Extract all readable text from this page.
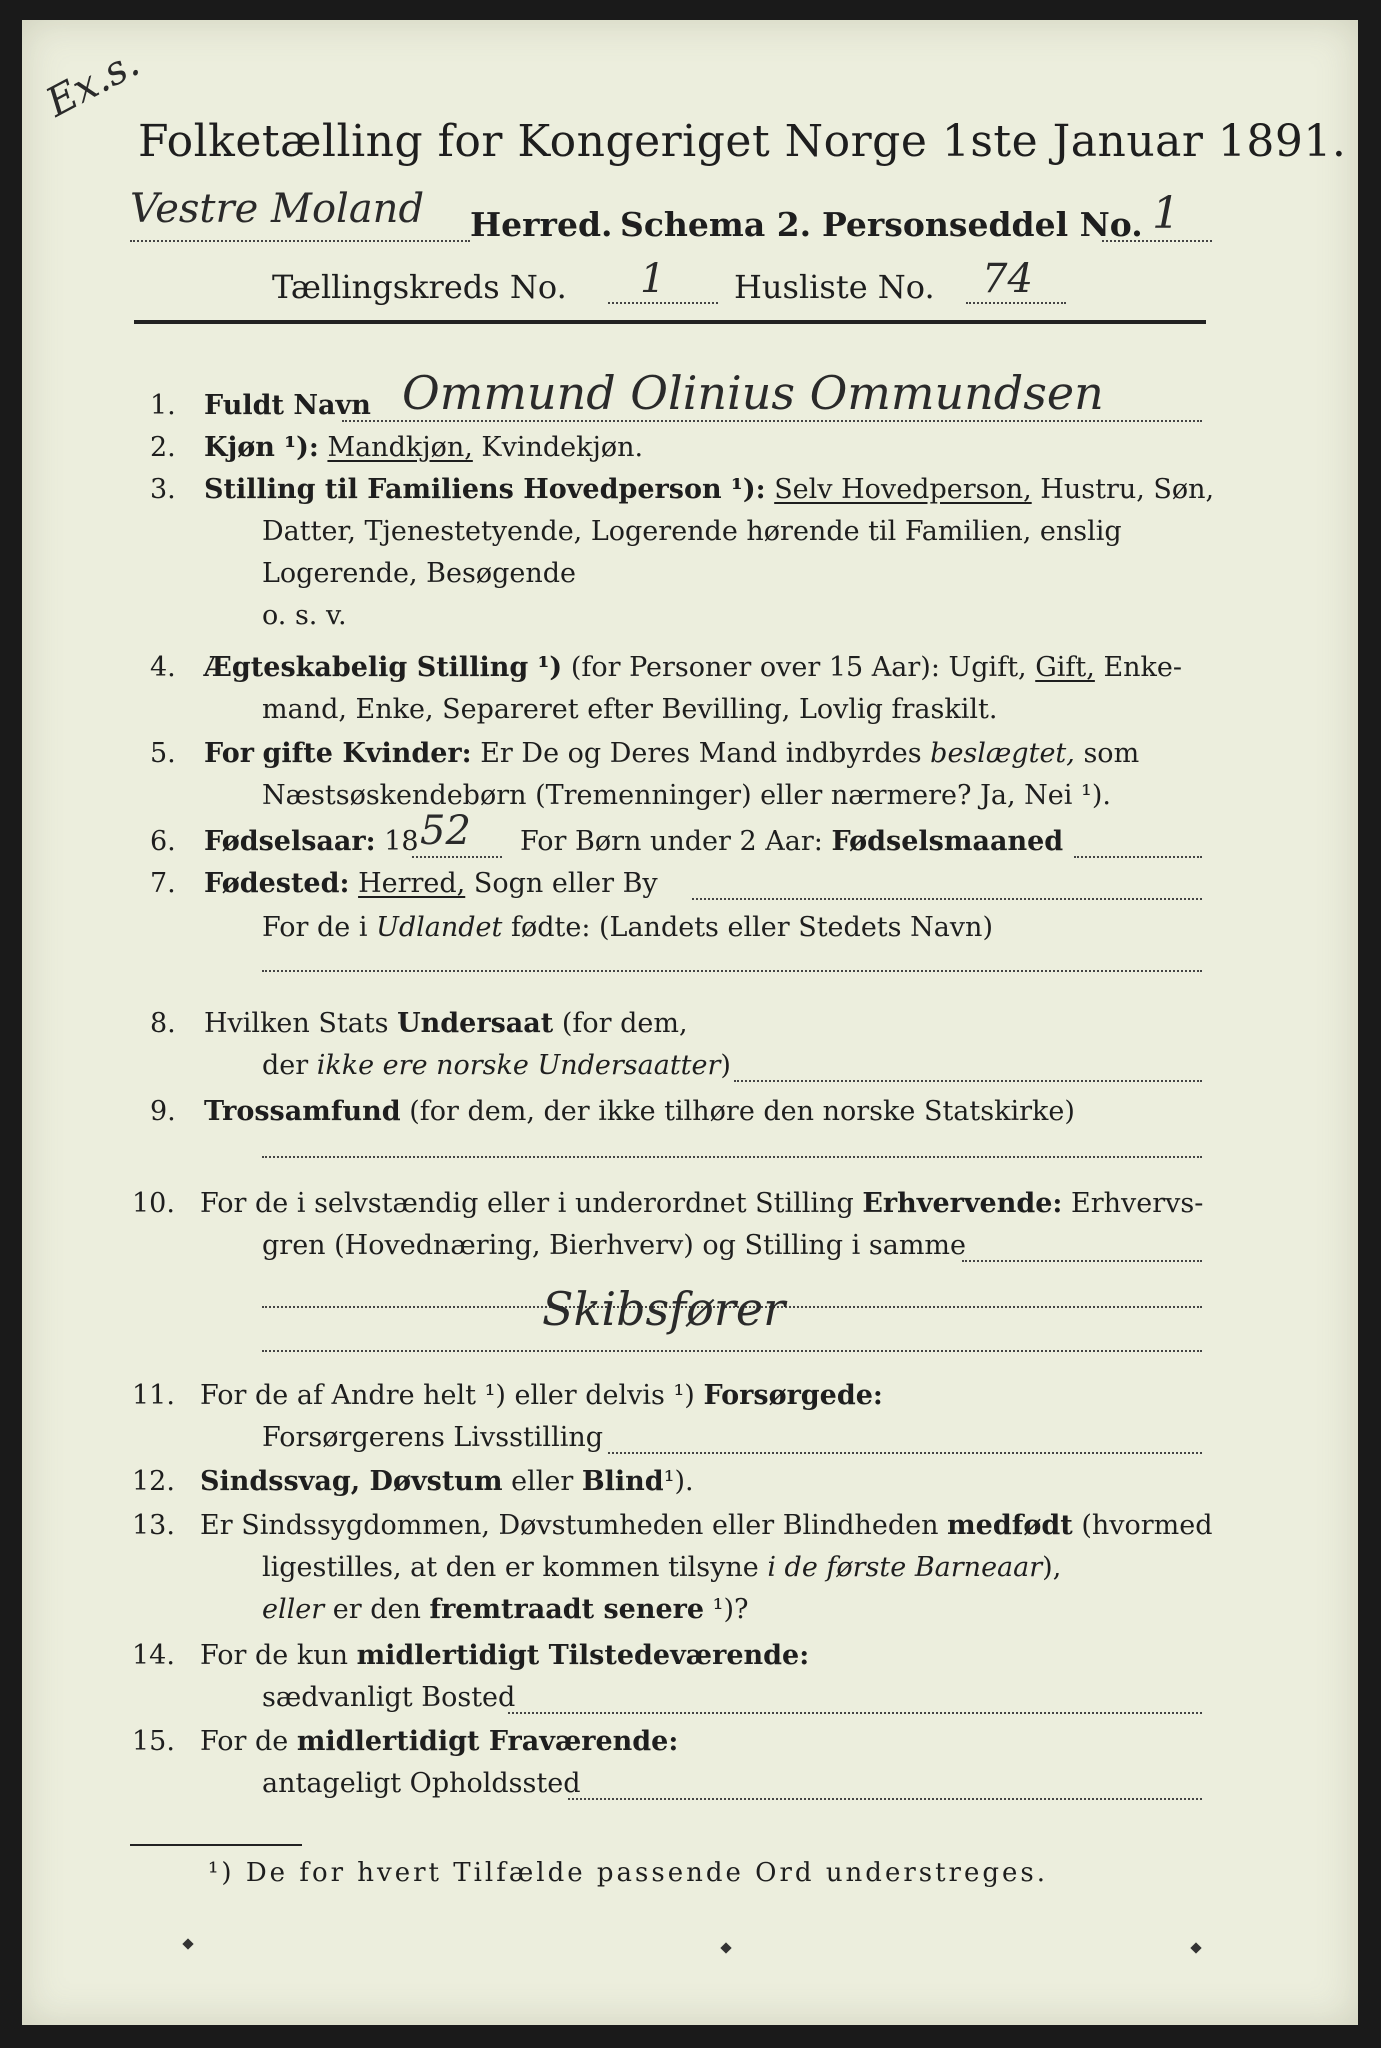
Ex.s.
Folketælling for Kongeriget Norge 1ste Januar 1891.
Vestre Moland Herred. Schema 2. Personseddel No. 1
Tællingskreds No. 1 Husliste No. 74
1. Fuldt Navn Ommund Olinius Ommundsen
2. Kjøn ¹): Mandkjøn, Kvindekjøn.
3. Stilling til Familiens Hovedperson ¹): Selv Hovedperson, Hustru, Søn,
Datter, Tjenestetyende, Logerende hørende til Familien, enslig
Logerende, Besøgende
o. s. v.
4. Ægteskabelig Stilling ¹) (for Personer over 15 Aar): Ugift, Gift, Enke-
mand, Enke, Separeret efter Bevilling, Lovlig fraskilt.
5. For gifte Kvinder: Er De og Deres Mand indbyrdes beslægtet, som
Næstsøskendebørn (Tremenninger) eller nærmere? Ja, Nei ¹).
6. Fødselsaar: 18 52 For Børn under 2 Aar: Fødselsmaaned
7. Fødested: Herred, Sogn eller By
For de i Udlandet fødte: (Landets eller Stedets Navn)
8. Hvilken Stats Undersaat (for dem,
der ikke ere norske Undersaatter)
9. Trossamfund (for dem, der ikke tilhøre den norske Statskirke)
10. For de i selvstændig eller i underordnet Stilling Erhvervende: Erhvervs-
gren (Hovednæring, Bierhverv) og Stilling i samme
Skibsfører
11. For de af Andre helt ¹) eller delvis ¹) Forsørgede:
Forsørgerens Livsstilling
12. Sindssvag, Døvstum eller Blind¹).
13. Er Sindssygdommen, Døvstumheden eller Blindheden medfødt (hvormed
ligestilles, at den er kommen tilsyne i de første Barneaar),
eller er den fremtraadt senere ¹)?
14. For de kun midlertidigt Tilstedeværende:
sædvanligt Bosted
15. For de midlertidigt Fraværende:
antageligt Opholdssted
¹) De for hvert Tilfælde passende Ord understreges.
